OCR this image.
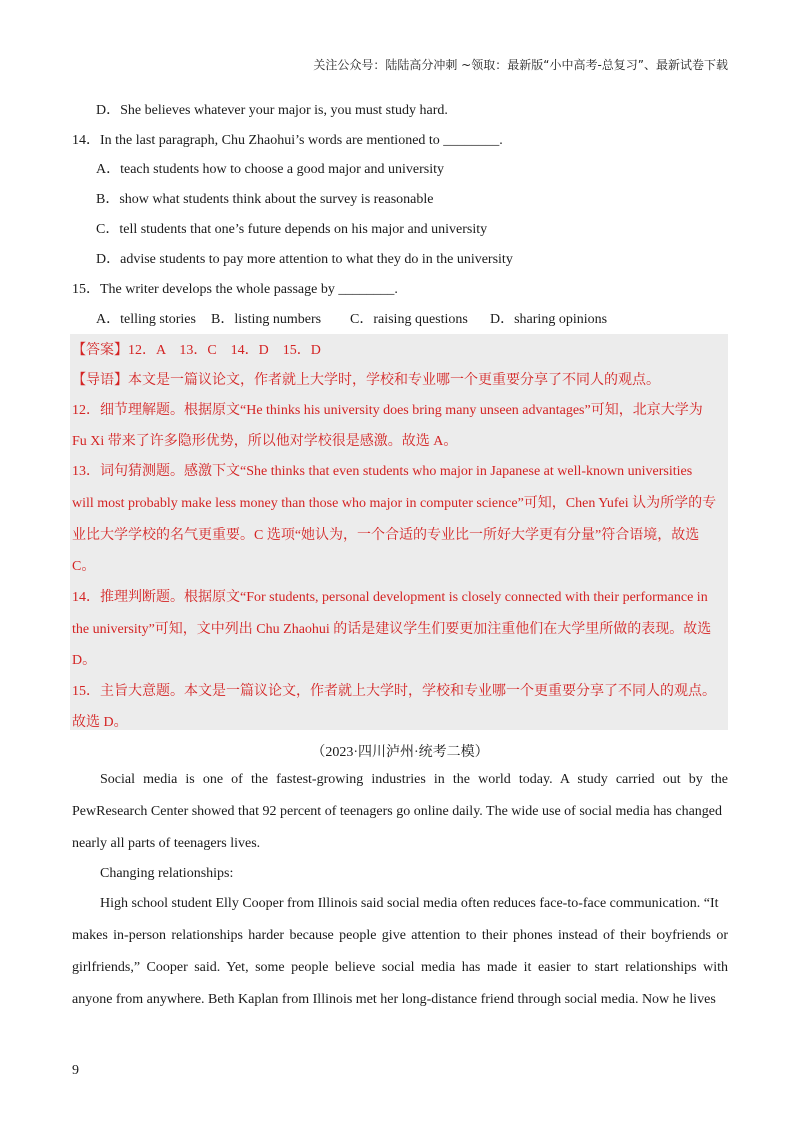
关注公众号：陆陆高分冲刺 ~领取：最新版“小中高考-总复习”、最新试卷下载
D．She believes whatever your major is, you must study hard.
14．In the last paragraph, Chu Zhaohui’s words are mentioned to ________.
A．teach students how to choose a good major and university
B．show what students think about the survey is reasonable
C．tell students that one’s future depends on his major and university
D．advise students to pay more attention to what they do in the university
15．The writer develops the whole passage by ________.
A．telling stories B．listing numbers C．raising questions D．sharing opinions
【答案】12．A    13．C    14．D    15．D
【导语】本文是一篇议论文，作者就上大学时，学校和专业哪一个更重要分享了不同人的观点。
12．细节理解题。根据原文“He thinks his university does bring many unseen advantages”可知，北京大学为
Fu Xi 带来了许多隐形优势，所以他对学校很是感激。故选 A。
13．词句猜测题。感激下文“She thinks that even students who major in Japanese at well-known universities
will most probably make less money than those who major in computer science”可知，Chen Yufei 认为所学的专
业比大学学校的名气更重要。C 选项“她认为，一个合适的专业比一所好大学更有分量”符合语境，故选
C。
14．推理判断题。根据原文“For students, personal development is closely connected with their performance in
the university”可知，文中列出 Chu Zhaohui 的话是建议学生们要更加注重他们在大学里所做的表现。故选
D。
15．主旨大意题。本文是一篇议论文，作者就上大学时，学校和专业哪一个更重要分享了不同人的观点。
故选 D。
（2023·四川泸州·统考二模）
Social media is one of the fastest-growing industries in the world today. A study carried out by the
PewResearch Center showed that 92 percent of teenagers go online daily. The wide use of social media has changed
nearly all parts of teenagers lives.
Changing relationships:
High school student Elly Cooper from Illinois said social media often reduces face-to-face communication. “It
makes in-person relationships harder because people give attention to their phones instead of their boyfriends or
girlfriends,” Cooper said. Yet, some people believe social media has made it easier to start relationships with
anyone from anywhere. Beth Kaplan from Illinois met her long-distance friend through social media. Now he lives
9
